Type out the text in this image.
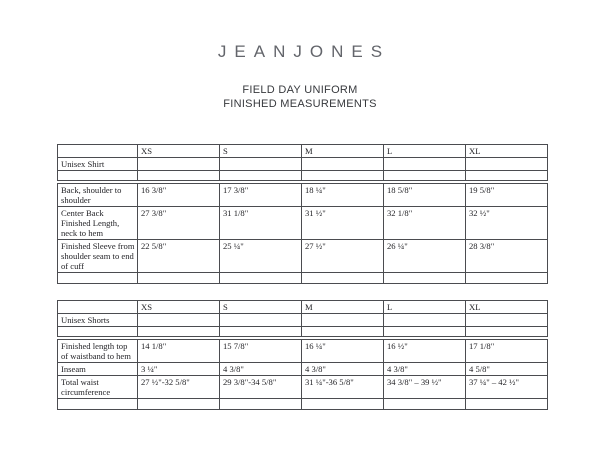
JEANJONES
FIELD DAY UNIFORM
FINISHED MEASUREMENTS
	XS	S	M	L	XL
Unisex Shirt					

Back, shoulder to shoulder	16 3/8"	17 3/8"	18 ¼"	18 5/8"	19 5/8"
Center Back Finished Length, neck to hem	27 3/8"	31 1/8"	31 ½"	32 1/8"	32 ½"
Finished Sleeve from shoulder seam to end of cuff	22 5/8"	25 ¼"	27 ½"	26 ¼"	28 3/8"

	XS	S	M	L	XL
Unisex Shorts					

Finished length top of waistband to hem	14 1/8"	15 7/8"	16 ¼"	16 ½"	17 1/8"
Inseam	3 ¼"	4 3/8"	4 3/8"	4 3/8"	4 5/8"
Total waist circumference	27 ½"-32 5/8"	29 3/8"-34 5/8"	31 ¼"-36 5/8"	34 3/8" – 39 ½"	37 ¼" – 42 ½"
